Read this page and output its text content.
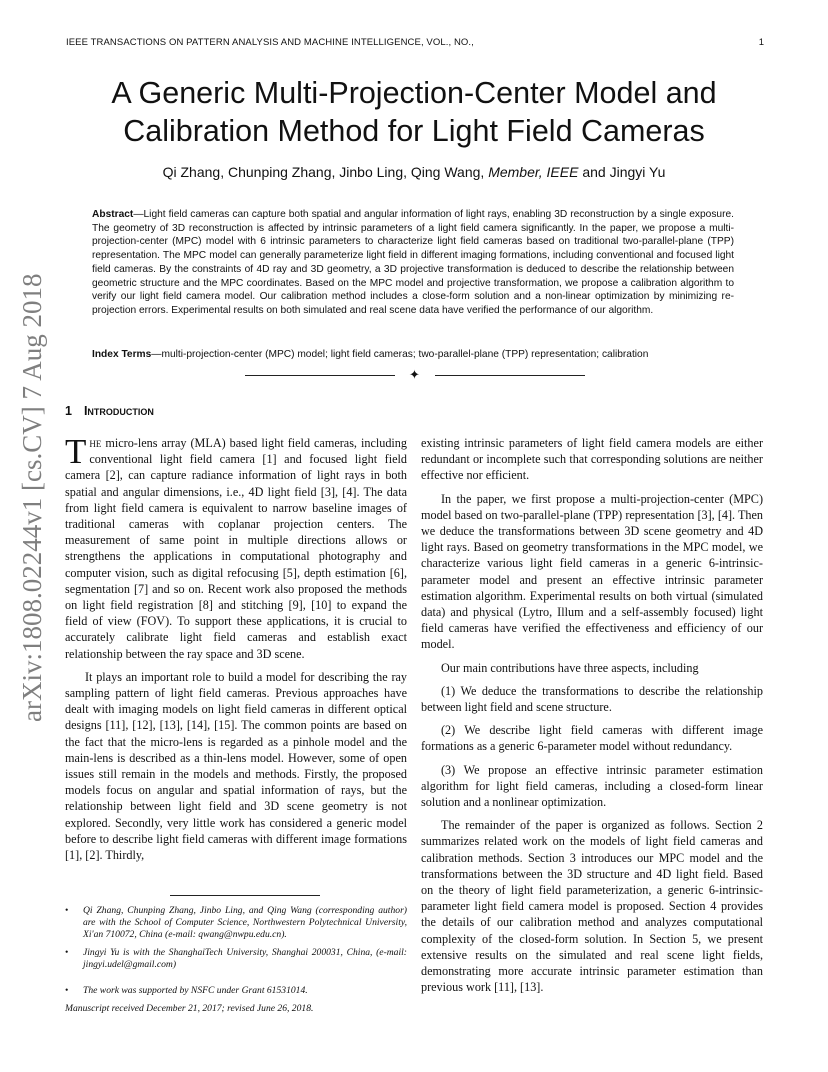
IEEE TRANSACTIONS ON PATTERN ANALYSIS AND MACHINE INTELLIGENCE, VOL., NO.,	1
arXiv:1808.02244v1 [cs.CV] 7 Aug 2018
A Generic Multi-Projection-Center Model and Calibration Method for Light Field Cameras
Qi Zhang, Chunping Zhang, Jinbo Ling, Qing Wang, Member, IEEE and Jingyi Yu
Abstract—Light field cameras can capture both spatial and angular information of light rays, enabling 3D reconstruction by a single exposure. The geometry of 3D reconstruction is affected by intrinsic parameters of a light field camera significantly. In the paper, we propose a multi-projection-center (MPC) model with 6 intrinsic parameters to characterize light field cameras based on traditional two-parallel-plane (TPP) representation. The MPC model can generally parameterize light field in different imaging formations, including conventional and focused light field cameras. By the constraints of 4D ray and 3D geometry, a 3D projective transformation is deduced to describe the relationship between geometric structure and the MPC coordinates. Based on the MPC model and projective transformation, we propose a calibration algorithm to verify our light field camera model. Our calibration method includes a close-form solution and a non-linear optimization by minimizing re-projection errors. Experimental results on both simulated and real scene data have verified the performance of our algorithm.
Index Terms—multi-projection-center (MPC) model; light field cameras; two-parallel-plane (TPP) representation; calibration
✦
1 Introduction

The micro-lens array (MLA) based light field cameras, including conventional light field camera [1] and focused light field camera [2], can capture radiance information of light rays in both spatial and angular dimensions, i.e., 4D light field [3], [4]. The data from light field camera is equivalent to narrow baseline images of traditional cameras with coplanar projection centers. The measurement of same point in multiple directions allows or strengthens the applications in computational photography and computer vision, such as digital refocusing [5], depth estimation [6], segmentation [7] and so on. Recent work also proposed the methods on light field registration [8] and stitching [9], [10] to expand the field of view (FOV). To support these applications, it is crucial to accurately calibrate light field cameras and establish exact relationship between the ray space and 3D scene.

It plays an important role to build a model for describing the ray sampling pattern of light field cameras. Previous approaches have dealt with imaging models on light field cameras in different optical designs [11], [12], [13], [14], [15]. The common points are based on the fact that the micro-lens is regarded as a pinhole model and the main-lens is described as a thin-lens model. However, some of open issues still remain in the models and methods. Firstly, the proposed models focus on angular and spatial information of rays, but the relationship between light field and 3D scene geometry is not explored. Secondly, very little work has considered a generic model before to describe light field cameras with different image formations [1], [2]. Thirdly,

• Qi Zhang, Chunping Zhang, Jinbo Ling, and Qing Wang (corresponding author) are with the School of Computer Science, Northwestern Polytechnical University, Xi'an 710072, China (e-mail: qwang@nwpu.edu.cn).
• Jingyi Yu is with the ShanghaiTech University, Shanghai 200031, China, (e-mail: jingyi.udel@gmail.com)
• The work was supported by NSFC under Grant 61531014.
Manuscript received December 21, 2017; revised June 26, 2018.

existing intrinsic parameters of light field camera models are either redundant or incomplete such that corresponding solutions are neither effective nor efficient.

In the paper, we first propose a multi-projection-center (MPC) model based on two-parallel-plane (TPP) representation [3], [4]. Then we deduce the transformations between 3D scene geometry and 4D light rays. Based on geometry transformations in the MPC model, we characterize various light field cameras in a generic 6-intrinsic-parameter model and present an effective intrinsic parameter estimation algorithm. Experimental results on both virtual (simulated data) and physical (Lytro, Illum and a self-assembly focused) light field cameras have verified the effectiveness and efficiency of our model.

Our main contributions have three aspects, including

(1) We deduce the transformations to describe the relationship between light field and scene structure.

(2) We describe light field cameras with different image formations as a generic 6-parameter model without redundancy.

(3) We propose an effective intrinsic parameter estimation algorithm for light field cameras, including a closed-form linear solution and a nonlinear optimization.

The remainder of the paper is organized as follows. Section 2 summarizes related work on the models of light field cameras and calibration methods. Section 3 introduces our MPC model and the transformations between the 3D structure and 4D light field. Based on the theory of light field parameterization, a generic 6-intrinsic-parameter light field camera model is proposed. Section 4 provides the details of our calibration method and analyzes computational complexity of the closed-form solution. In Section 5, we present extensive results on the simulated and real scene light fields, demonstrating more accurate intrinsic parameter estimation than previous work [11], [13].
